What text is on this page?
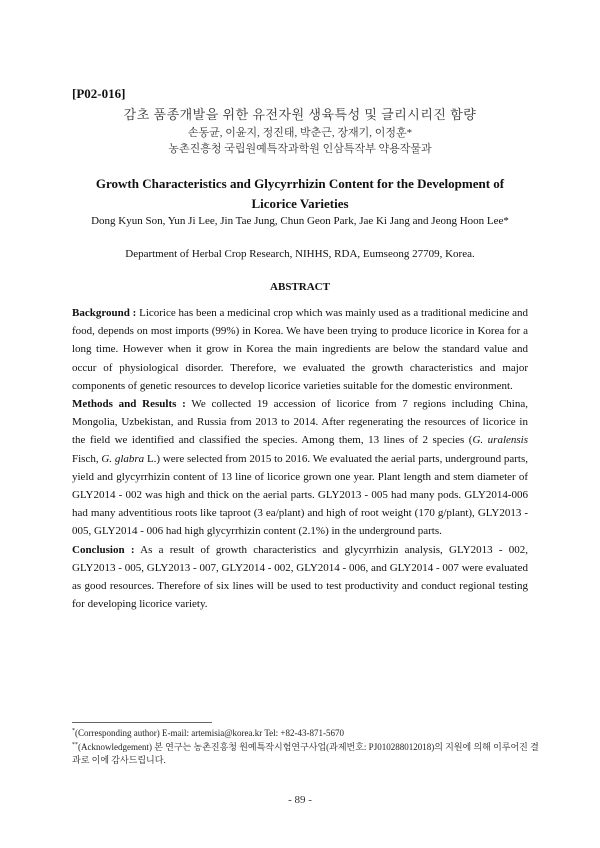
[P02-016]
감초 품종개발을 위한 유전자원 생육특성 및 글리시리진 함량
손동균, 이윤지, 정진태, 박춘근, 장재기, 이정훈*
농촌진흥청 국립원예특작과학원 인삼특작부 약용작물과
Growth Characteristics and Glycyrrhizin Content for the Development of Licorice Varieties
Dong Kyun Son, Yun Ji Lee, Jin Tae Jung, Chun Geon Park, Jae Ki Jang and Jeong Hoon Lee*
Department of Herbal Crop Research, NIHHS, RDA, Eumseong 27709, Korea.
ABSTRACT

Background : Licorice has been a medicinal crop which was mainly used as a traditional medicine and food, depends on most imports (99%) in Korea. We have been trying to produce licorice in Korea for a long time. However when it grow in Korea the main ingredients are below the standard value and occur of physiological disorder. Therefore, we evaluated the growth characteristics and major components of genetic resources to develop licorice varieties suitable for the domestic environment.

Methods and Results : We collected 19 accession of licorice from 7 regions including China, Mongolia, Uzbekistan, and Russia from 2013 to 2014. After regenerating the resources of licorice in the field we identified and classified the species. Among them, 13 lines of 2 species (G. uralensis Fisch, G. glabra L.) were selected from 2015 to 2016. We evaluated the aerial parts, underground parts, yield and glycyrrhizin content of 13 line of licorice grown one year. Plant length and stem diameter of GLY2014 - 002 was high and thick on the aerial parts. GLY2013 - 005 had many pods. GLY2014-006 had many adventitious roots like taproot (3 ea/plant) and high of root weight (170 g/plant), GLY2013 - 005, GLY2014 - 006 had high glycyrrhizin content (2.1%) in the underground parts.

Conclusion : As a result of growth characteristics and glycyrrhizin analysis, GLY2013 - 002, GLY2013 - 005, GLY2013 - 007, GLY2014 - 002, GLY2014 - 006, and GLY2014 - 007 were evaluated as good resources. Therefore of six lines will be used to test productivity and conduct regional testing for developing licorice variety.

*(Corresponding author) E-mail: artemisia@korea.kr Tel: +82-43-871-5670
**(Acknowledgement) 본 연구는 농촌진흥청 원예특작시험연구사업(과제번호: PJ010288012018)의 지원에 의해 이루어진 결과로 이에 감사드립니다.
- 89 -
